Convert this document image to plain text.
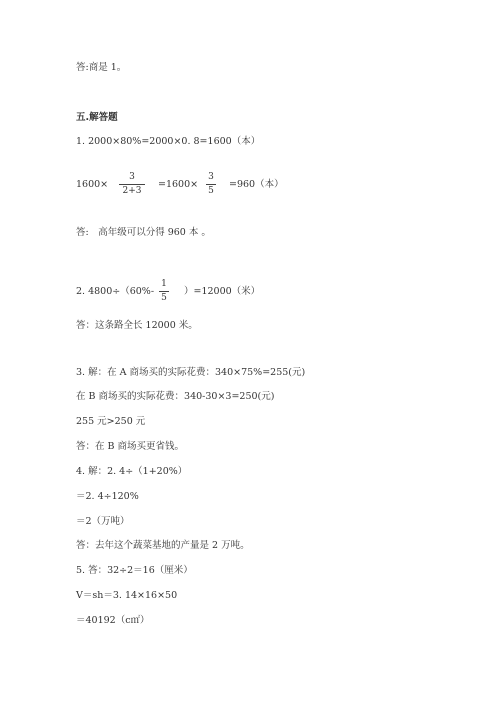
答:商是 1。
五.解答题
1. 2000×80%=2000×0. 8=1600（本）
1600×
3
2+3
=1600×
3
5
=960（本）
答:　高年级可以分得 960 本 。
2. 4800÷（60%-
1
5
）=12000（米）
答：这条路全长 12000 米。
3. 解：在 A 商场买的实际花费：340×75%=255(元)
在 B 商场买的实际花费：340-30×3=250(元)
255 元>250 元
答：在 B 商场买更省钱。
4. 解：2. 4÷（1+20%）
＝2. 4÷120%
＝2（万吨）
答：去年这个蔬菜基地的产量是 2 万吨。
5. 答：32÷2＝16（厘米）
V＝sh＝3. 14×16×50
＝40192（c㎡）
